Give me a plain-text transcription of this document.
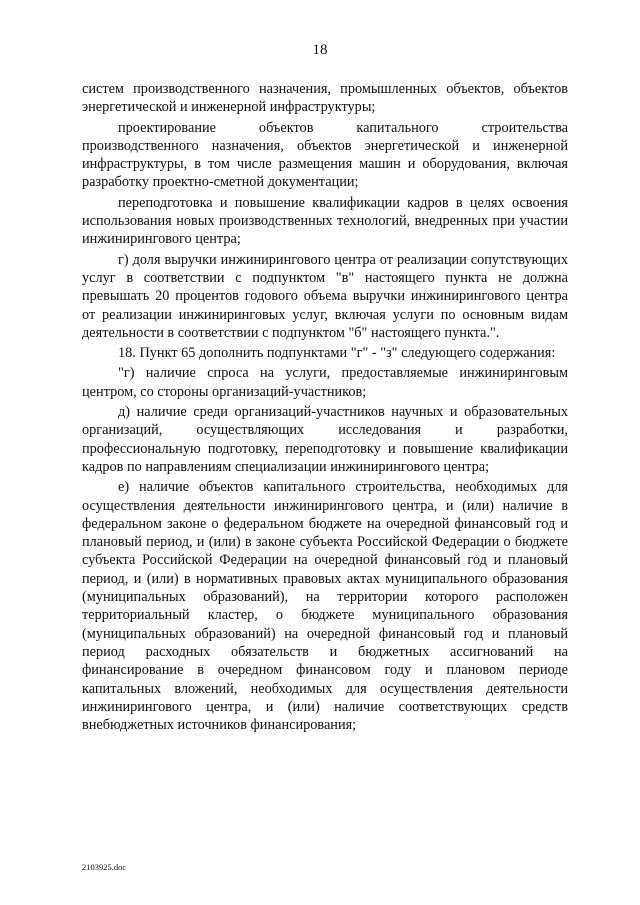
18

систем производственного назначения, промышленных объектов, объектов энергетической и инженерной инфраструктуры;

проектирование объектов капитального строительства производственного назначения, объектов энергетической и инженерной инфраструктуры, в том числе размещения машин и оборудования, включая разработку проектно-сметной документации;

переподготовка и повышение квалификации кадров в целях освоения использования новых производственных технологий, внедренных при участии инжинирингового центра;

г) доля выручки инжинирингового центра от реализации сопутствующих услуг в соответствии с подпунктом "в" настоящего пункта не должна превышать 20 процентов годового объема выручки инжинирингового центра от реализации инжиниринговых услуг, включая услуги по основным видам деятельности в соответствии с подпунктом "б" настоящего пункта.".

18. Пункт 65 дополнить подпунктами "г" - "з" следующего содержания:

"г) наличие спроса на услуги, предоставляемые инжиниринговым центром, со стороны организаций-участников;

д) наличие среди организаций-участников научных и образовательных организаций, осуществляющих исследования и разработки, профессиональную подготовку, переподготовку и повышение квалификации кадров по направлениям специализации инжинирингового центра;

е) наличие объектов капитального строительства, необходимых для осуществления деятельности инжинирингового центра, и (или) наличие в федеральном законе о федеральном бюджете на очередной финансовый год и плановый период, и (или) в законе субъекта Российской Федерации о бюджете субъекта Российской Федерации на очередной финансовый год и плановый период, и (или) в нормативных правовых актах муниципального образования (муниципальных образований), на территории которого расположен территориальный кластер, о бюджете муниципального образования (муниципальных образований) на очередной финансовый год и плановый период расходных обязательств и бюджетных ассигнований на финансирование в очередном финансовом году и плановом периоде капитальных вложений, необходимых для осуществления деятельности инжинирингового центра, и (или) наличие соответствующих средств внебюджетных источников финансирования;

2103925.doc
